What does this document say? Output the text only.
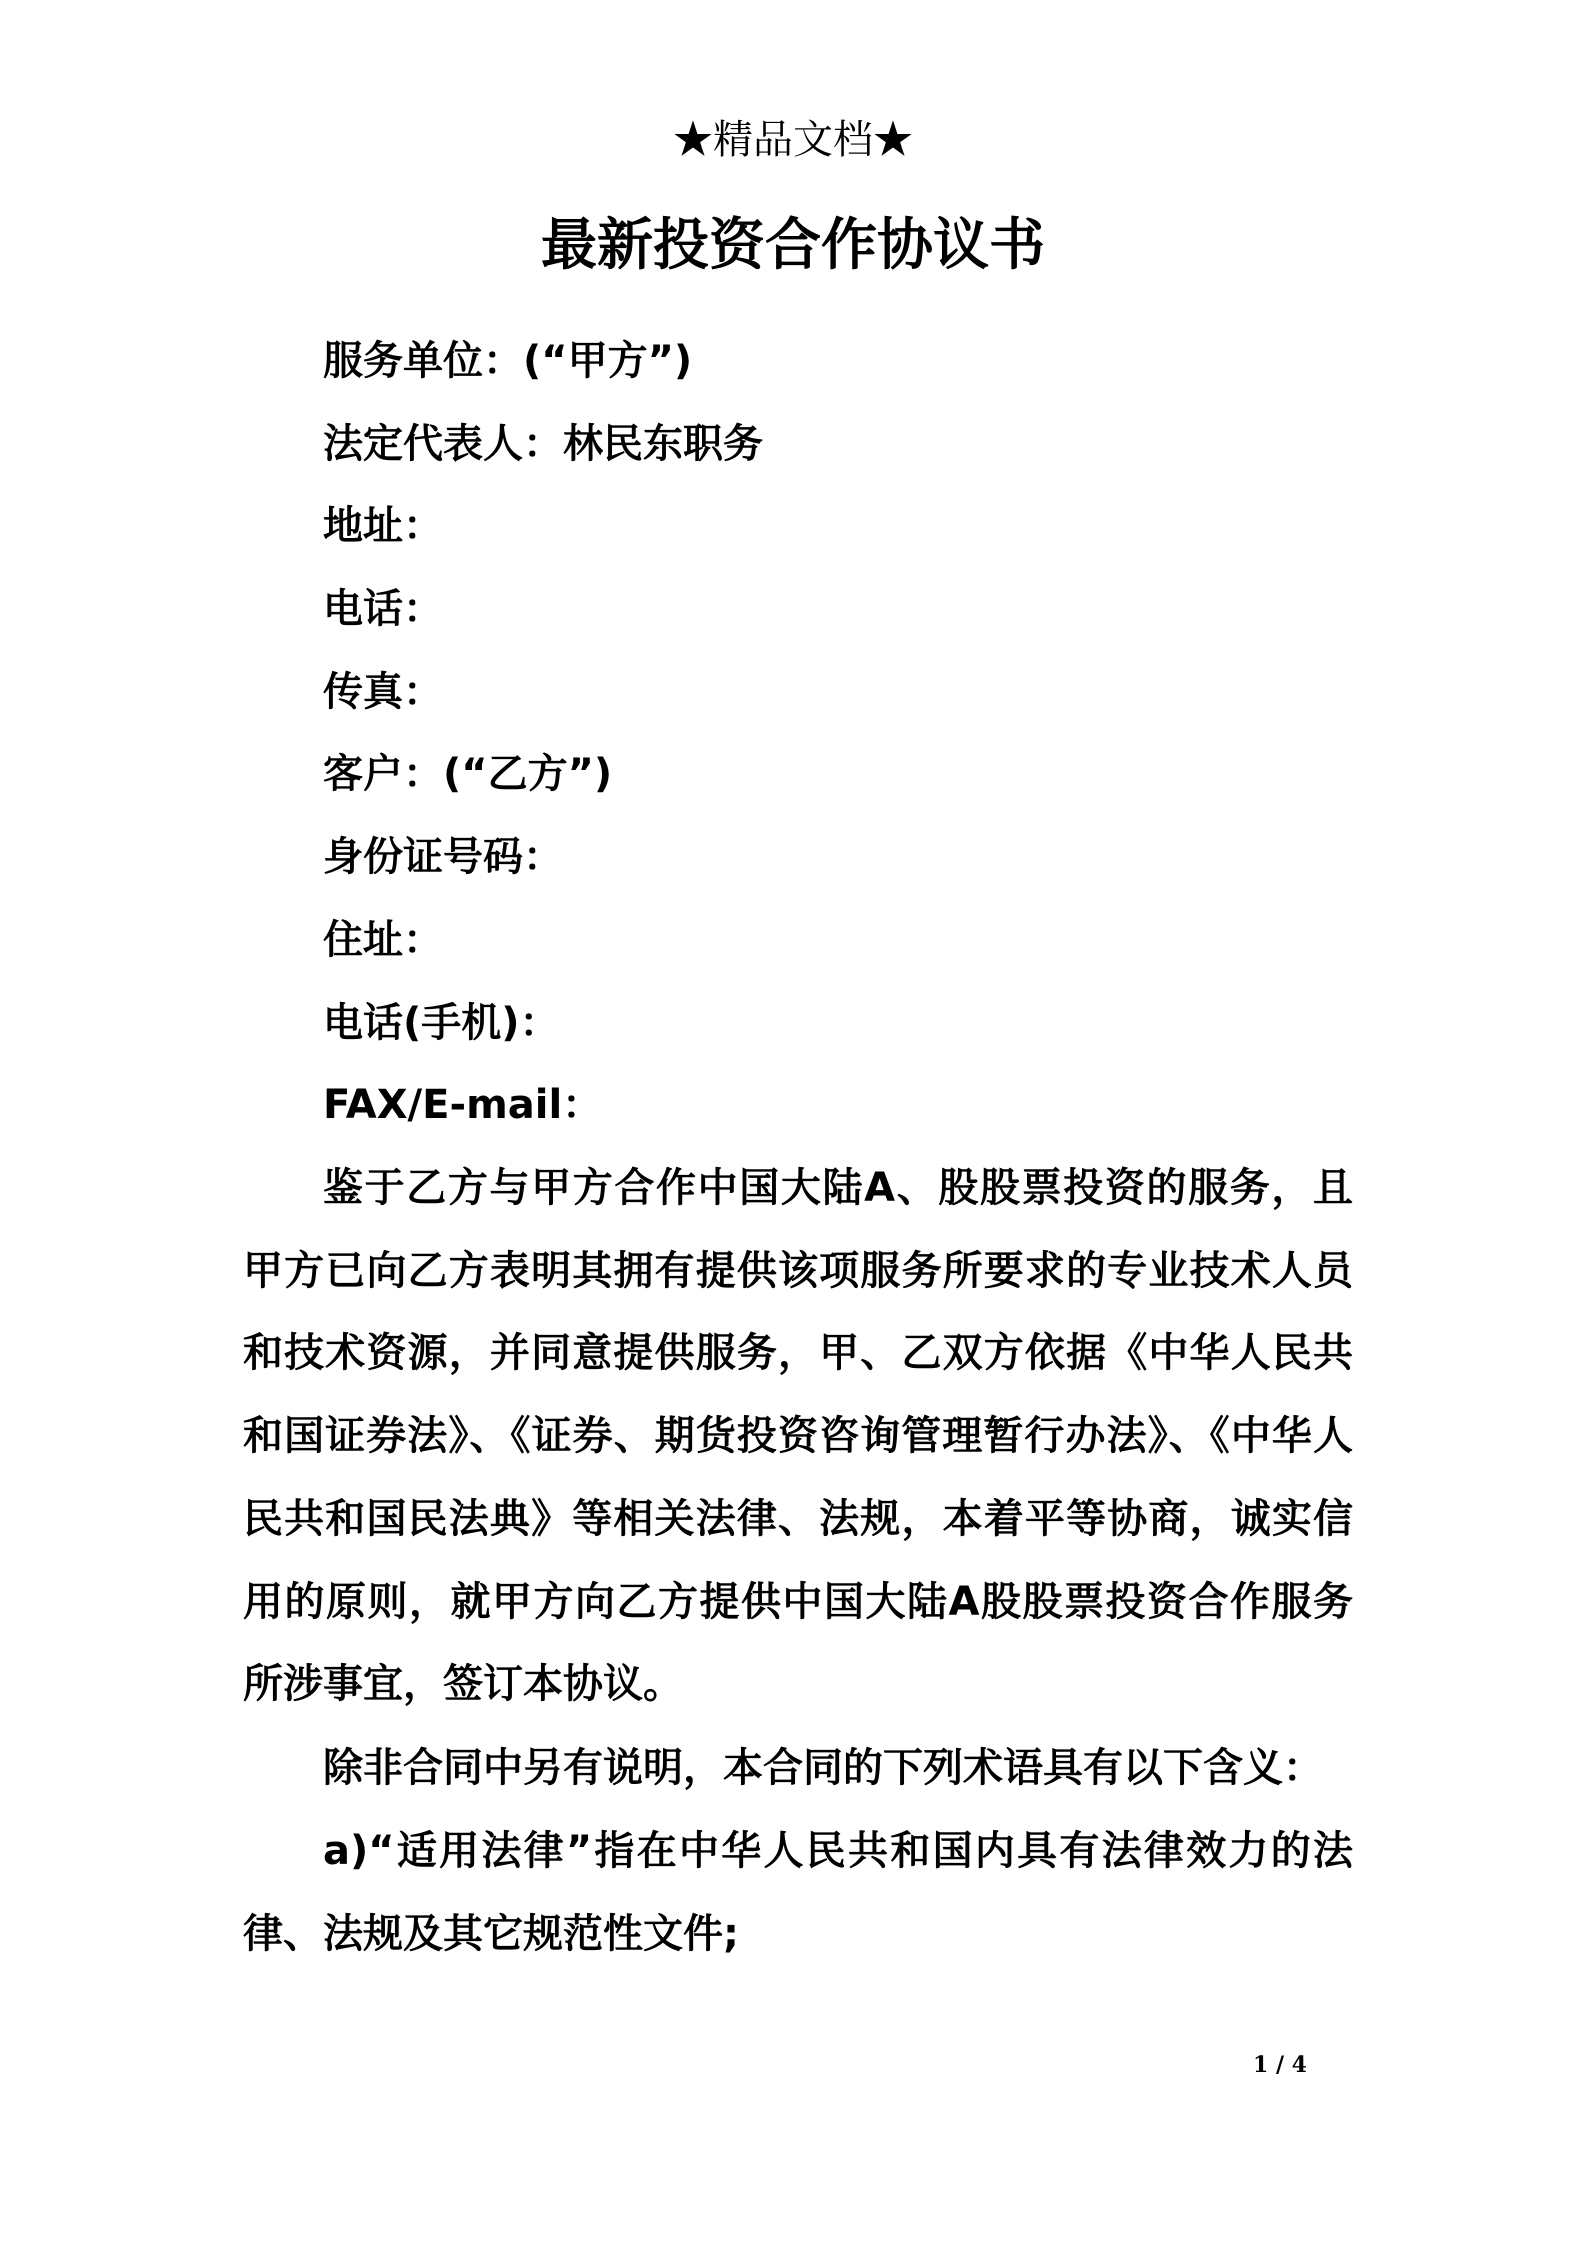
★精品文档★
最新投资合作协议书
服务单位：(“甲方”)
法定代表人：林民东职务
地址：
电话：
传真：
客户：(“乙方”)
身份证号码：
住址：
电话(手机)：
FAX/E-mail：
鉴于乙方与甲方合作中国大陆A、股股票投资的服务，且甲方已向乙方表明其拥有提供该项服务所要求的专业技术人员和技术资源，并同意提供服务，甲、乙双方依据《中华人民共和国证券法》、《证券、期货投资咨询管理暂行办法》、《中华人民共和国民法典》等相关法律、法规，本着平等协商，诚实信用的原则，就甲方向乙方提供中国大陆A股股票投资合作服务所涉事宜，签订本协议。
除非合同中另有说明，本合同的下列术语具有以下含义：
a)“适用法律”指在中华人民共和国内具有法律效力的法律、法规及其它规范性文件;
1 / 4
